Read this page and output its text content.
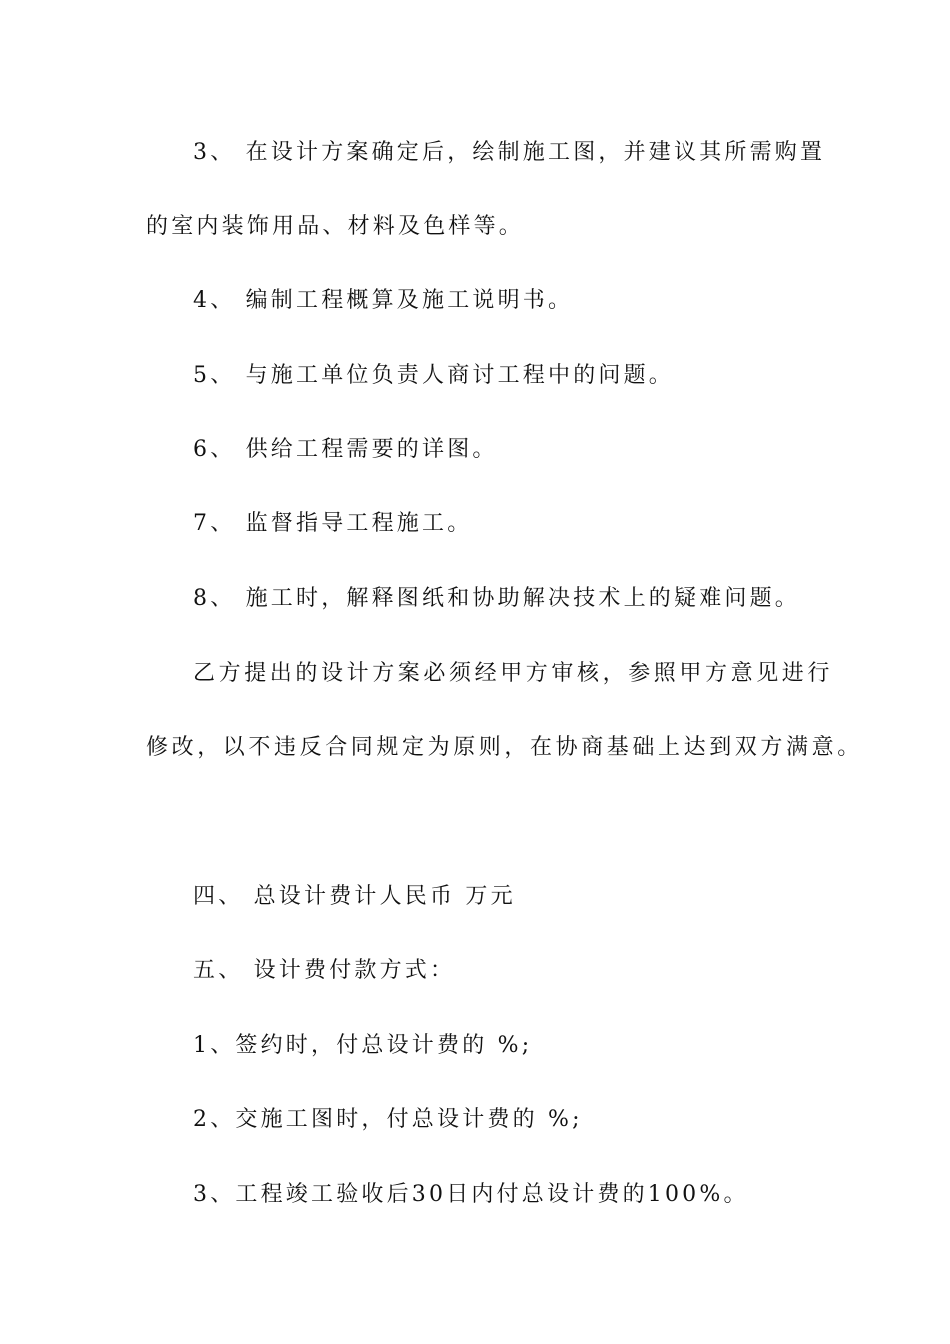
3、 在设计方案确定后，绘制施工图，并建议其所需购置
的室内装饰用品、材料及色样等。
4、 编制工程概算及施工说明书。
5、 与施工单位负责人商讨工程中的问题。
6、 供给工程需要的详图。
7、 监督指导工程施工。
8、 施工时，解释图纸和协助解决技术上的疑难问题。
乙方提出的设计方案必须经甲方审核，参照甲方意见进行
修改，以不违反合同规定为原则，在协商基础上达到双方满意。
四、 总设计费计人民币 万元
五、 设计费付款方式：
1、签约时，付总设计费的 %;
2、交施工图时，付总设计费的 %;
3、工程竣工验收后30日内付总设计费的100%。
